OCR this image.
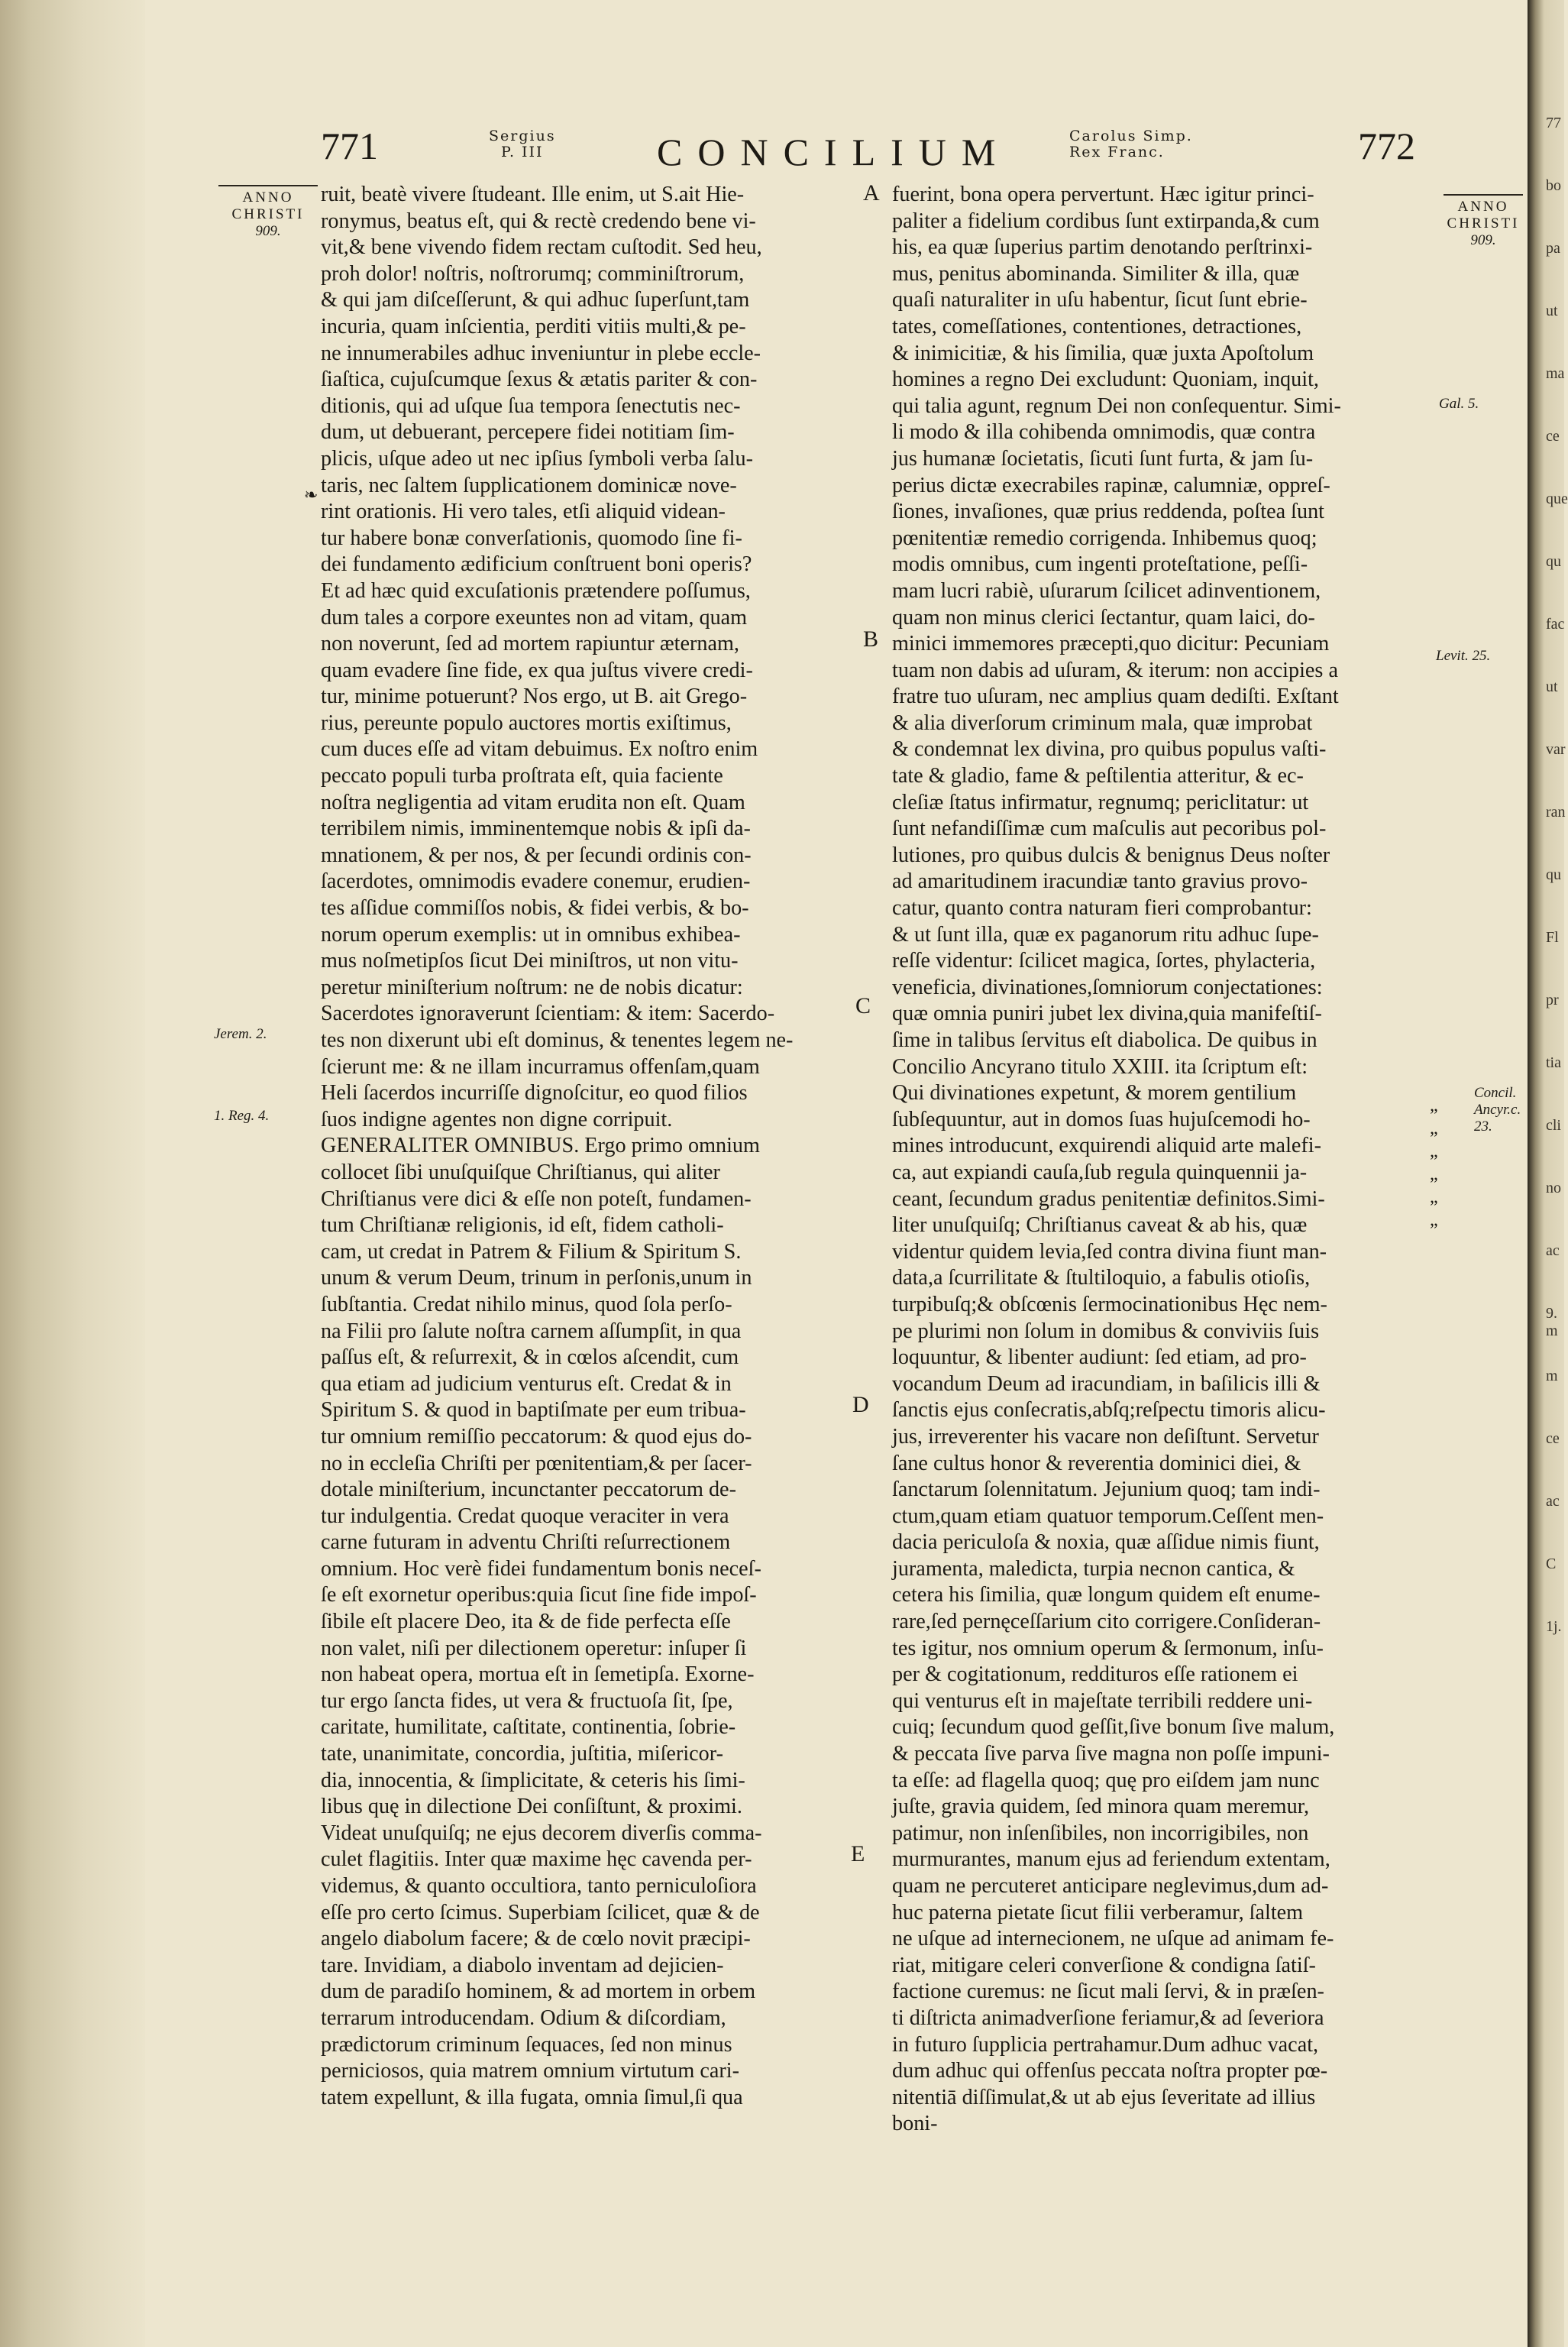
771	Sergius
P. III	CONCILIUM	Carolus Simp.
Rex Franc.	772
ANNO
CHRISTI
909.
ANNO
CHRISTI
909.
❧
Jerem. 2.
1. Reg. 4.
Gal. 5.
Levit. 25.
Concil.
Ancyr.c.
23.
„
„
„
„
„
„
A
B
C
D
E
ruit, beatè vivere ſtudeant. Ille enim, ut S.ait Hie-
ronymus, beatus eſt, qui & rectè credendo bene vi-
vit,& bene vivendo fidem rectam cuſtodit. Sed heu,
proh dolor! noſtris, noſtrorumq; comminiſtrorum,
& qui jam diſceſſerunt, & qui adhuc ſuperſunt,tam
incuria, quam inſcientia, perditi vitiis multi,& pe-
ne innumerabiles adhuc inveniuntur in plebe eccle-
ſiaſtica, cujuſcumque ſexus & ætatis pariter & con-
ditionis, qui ad uſque ſua tempora ſenectutis nec-
dum, ut debuerant, percepere fidei notitiam ſim-
plicis, uſque adeo ut nec ipſius ſymboli verba ſalu-
taris, nec ſaltem ſupplicationem dominicæ nove-
rint orationis. Hi vero tales, etſi aliquid videan-
tur habere bonæ converſationis, quomodo ſine fi-
dei fundamento ædificium conſtruent boni operis?
Et ad hæc quid excuſationis prætendere poſſumus,
dum tales a corpore exeuntes non ad vitam, quam
non noverunt, ſed ad mortem rapiuntur æternam,
quam evadere ſine fide, ex qua juſtus vivere credi-
tur, minime potuerunt? Nos ergo, ut B. ait Grego-
rius, pereunte populo auctores mortis exiſtimus,
cum duces eſſe ad vitam debuimus. Ex noſtro enim
peccato populi turba proſtrata eſt, quia faciente
noſtra negligentia ad vitam erudita non eſt. Quam
terribilem nimis, imminentemque nobis & ipſi da-
mnationem, & per nos, & per ſecundi ordinis con-
ſacerdotes, omnimodis evadere conemur, erudien-
tes aſſidue commiſſos nobis, & fidei verbis, & bo-
norum operum exemplis: ut in omnibus exhibea-
mus noſmetipſos ſicut Dei miniſtros, ut non vitu-
peretur miniſterium noſtrum: ne de nobis dicatur:
Sacerdotes ignoraverunt ſcientiam: & item: Sacerdo-
tes non dixerunt ubi eſt dominus, & tenentes legem ne-
ſcierunt me: & ne illam incurramus offenſam,quam
Heli ſacerdos incurriſſe dignoſcitur, eo quod filios
ſuos indigne agentes non digne corripuit.
GENERALITER OMNIBUS. Ergo primo omnium
collocet ſibi unuſquiſque Chriſtianus, qui aliter
Chriſtianus vere dici & eſſe non poteſt, fundamen-
tum Chriſtianæ religionis, id eſt, fidem catholi-
cam, ut credat in Patrem & Filium & Spiritum S.
unum & verum Deum, trinum in perſonis,unum in
ſubſtantia. Credat nihilo minus, quod ſola perſo-
na Filii pro ſalute noſtra carnem aſſumpſit, in qua
paſſus eſt, & reſurrexit, & in cœlos aſcendit, cum
qua etiam ad judicium venturus eſt. Credat & in
Spiritum S. & quod in baptiſmate per eum tribua-
tur omnium remiſſio peccatorum: & quod ejus do-
no in eccleſia Chriſti per pœnitentiam,& per ſacer-
dotale miniſterium, incunctanter peccatorum de-
tur indulgentia. Credat quoque veraciter in vera
carne futuram in adventu Chriſti reſurrectionem
omnium. Hoc verè fidei fundamentum bonis neceſ-
ſe eſt exornetur operibus:quia ſicut ſine fide impoſ-
ſibile eſt placere Deo, ita & de fide perfecta eſſe
non valet, niſi per dilectionem operetur: inſuper ſi
non habeat opera, mortua eſt in ſemetipſa. Exorne-
tur ergo ſancta fides, ut vera & fructuoſa ſit, ſpe,
caritate, humilitate, caſtitate, continentia, ſobrie-
tate, unanimitate, concordia, juſtitia, miſericor-
dia, innocentia, & ſimplicitate, & ceteris his ſimi-
libus quę in dilectione Dei conſiſtunt, & proximi.
Videat unuſquiſq; ne ejus decorem diverſis comma-
culet flagitiis. Inter quæ maxime hęc cavenda per-
videmus, & quanto occultiora, tanto perniculoſiora
eſſe pro certo ſcimus. Superbiam ſcilicet, quæ & de
angelo diabolum facere; & de cœlo novit præcipi-
tare. Invidiam, a diabolo inventam ad dejicien-
dum de paradiſo hominem, & ad mortem in orbem
terrarum introducendam. Odium & diſcordiam,
prædictorum criminum ſequaces, ſed non minus
perniciosos, quia matrem omnium virtutum cari-
tatem expellunt, & illa fugata, omnia ſimul,ſi qua
fuerint, bona opera pervertunt. Hæc igitur princi-
paliter a fidelium cordibus ſunt extirpanda,& cum
his, ea quæ ſuperius partim denotando perſtrinxi-
mus, penitus abominanda. Similiter & illa, quæ
quaſi naturaliter in uſu habentur, ſicut ſunt ebrie-
tates, comeſſationes, contentiones, detractiones,
& inimicitiæ, & his ſimilia, quæ juxta Apoſtolum
homines a regno Dei excludunt: Quoniam, inquit,
qui talia agunt, regnum Dei non conſequentur. Simi-
li modo & illa cohibenda omnimodis, quæ contra
jus humanæ ſocietatis, ſicuti ſunt furta, & jam ſu-
perius dictæ execrabiles rapinæ, calumniæ, oppreſ-
ſiones, invaſiones, quæ prius reddenda, poſtea ſunt
pœnitentiæ remedio corrigenda. Inhibemus quoq;
modis omnibus, cum ingenti proteſtatione, peſſi-
mam lucri rabiè, uſurarum ſcilicet adinventionem,
quam non minus clerici ſectantur, quam laici, do-
minici immemores præcepti,quo dicitur: Pecuniam
tuam non dabis ad uſuram, & iterum: non accipies a
fratre tuo uſuram, nec amplius quam dediſti. Exſtant
& alia diverſorum criminum mala, quæ improbat
& condemnat lex divina, pro quibus populus vaſti-
tate & gladio, fame & peſtilentia atteritur, & ec-
cleſiæ ſtatus infirmatur, regnumq; periclitatur: ut
ſunt nefandiſſimæ cum maſculis aut pecoribus pol-
lutiones, pro quibus dulcis & benignus Deus noſter
ad amaritudinem iracundiæ tanto gravius provo-
catur, quanto contra naturam fieri comprobantur:
& ut ſunt illa, quæ ex paganorum ritu adhuc ſupe-
reſſe videntur: ſcilicet magica, ſortes, phylacteria,
veneficia, divinationes,ſomniorum conjectationes:
quæ omnia puniri jubet lex divina,quia manifeſtiſ-
ſime in talibus ſervitus eſt diabolica. De quibus in
Concilio Ancyrano titulo XXIII. ita ſcriptum eſt:
Qui divinationes expetunt, & morem gentilium
ſubſequuntur, aut in domos ſuas hujuſcemodi ho-
mines introducunt, exquirendi aliquid arte malefi-
ca, aut expiandi cauſa,ſub regula quinquennii ja-
ceant, ſecundum gradus penitentiæ definitos.Simi-
liter unuſquiſq; Chriſtianus caveat & ab his, quæ
videntur quidem levia,ſed contra divina fiunt man-
data,a ſcurrilitate & ſtultiloquio, a fabulis otioſis,
turpibuſq;& obſcœnis ſermocinationibus Hęc nem-
pe plurimi non ſolum in domibus & conviviis ſuis
loquuntur, & libenter audiunt: ſed etiam, ad pro-
vocandum Deum ad iracundiam, in baſilicis illi &
ſanctis ejus conſecratis,abſq;reſpectu timoris alicu-
jus, irreverenter his vacare non deſiſtunt. Servetur
ſane cultus honor & reverentia dominici diei, &
ſanctarum ſolennitatum. Jejunium quoq; tam indi-
ctum,quam etiam quatuor temporum.Ceſſent men-
dacia periculoſa & noxia, quæ aſſidue nimis fiunt,
juramenta, maledicta, turpia necnon cantica, &
cetera his ſimilia, quæ longum quidem eſt enume-
rare,ſed pernęceſſarium cito corrigere.Conſideran-
tes igitur, nos omnium operum & ſermonum, inſu-
per & cogitationum, reddituros eſſe rationem ei
qui venturus eſt in majeſtate terribili reddere uni-
cuiq; ſecundum quod geſſit,ſive bonum ſive malum,
& peccata ſive parva ſive magna non poſſe impuni-
ta eſſe: ad flagella quoq; quę pro eiſdem jam nunc
juſte, gravia quidem, ſed minora quam meremur,
patimur, non inſenſibiles, non incorrigibiles, non
murmurantes, manum ejus ad feriendum extentam,
quam ne percuteret anticipare neglevimus,dum ad-
huc paterna pietate ſicut filii verberamur, ſaltem
ne uſque ad internecionem, ne uſque ad animam fe-
riat, mitigare celeri converſione & condigna ſatiſ-
factione curemus: ne ſicut mali ſervi, & in præſen-
ti diſtricta animadverſione feriamur,& ad ſeveriora
in futuro ſupplicia pertrahamur.Dum adhuc vacat,
dum adhuc qui offenſus peccata noſtra propter pœ-
nitentiā diſſimulat,& ut ab ejus ſeveritate ad illius
boni-
77
bo
pa
ut
ma
ce
que
qu
fac
ut
var
ran
qu
Fl
pr
tia
cli
no
ac
9. m
m
ce
ac
C
1j.
